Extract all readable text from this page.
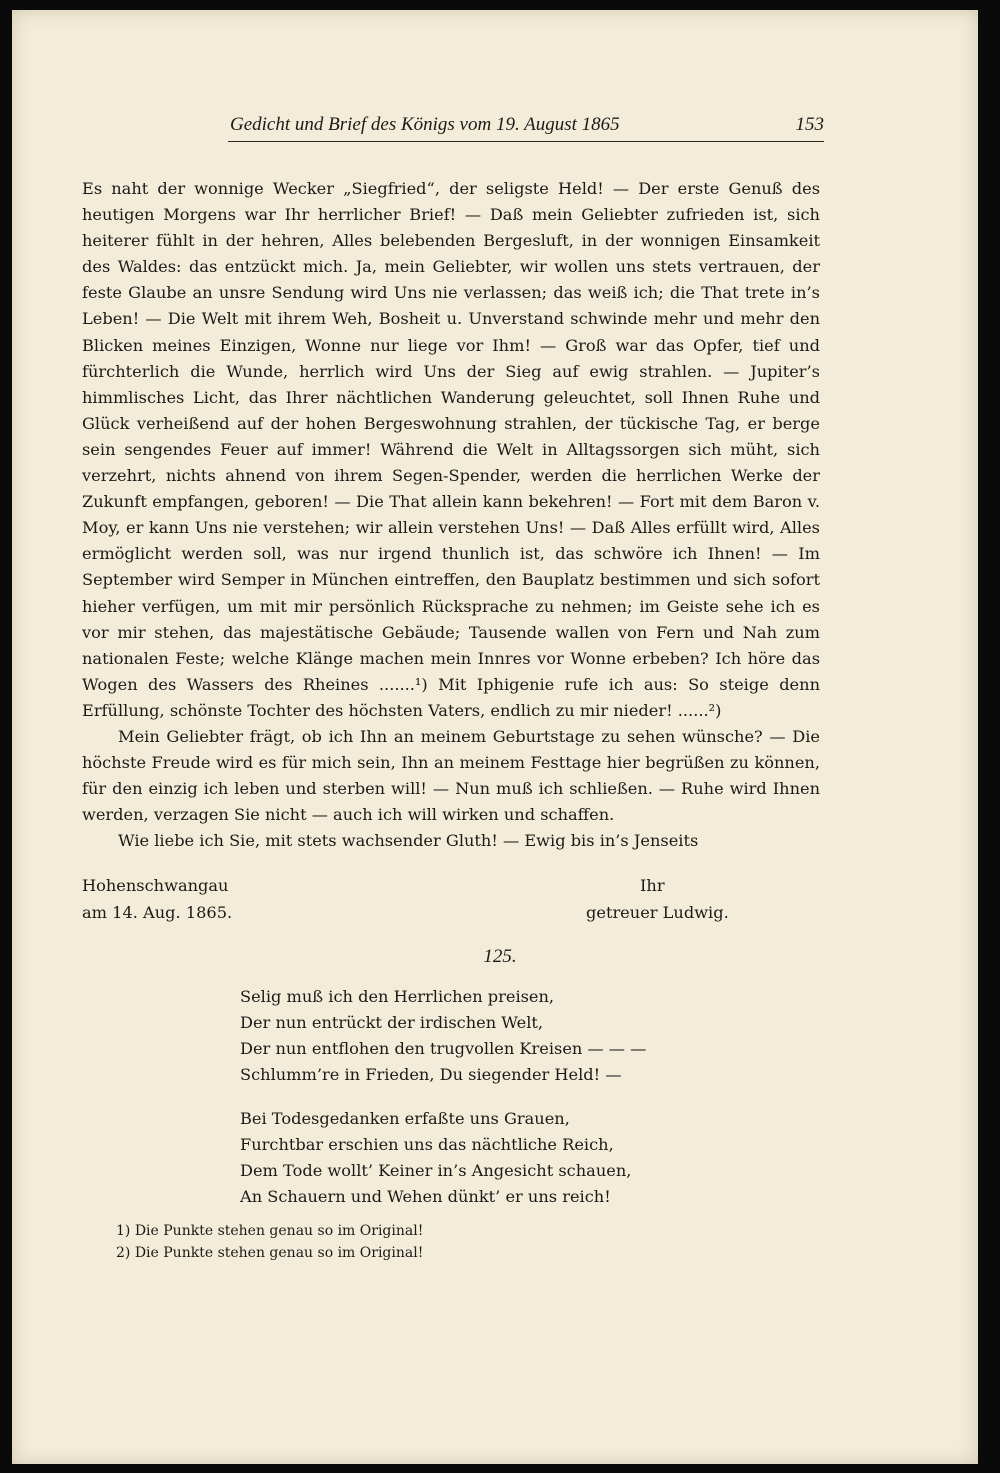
Gedicht und Brief des Königs vom 19. August 1865	153

Es naht der wonnige Wecker „Siegfried“, der seligste Held! — Der erste Genuß des heutigen Morgens war Ihr herrlicher Brief! — Daß mein Geliebter zufrieden ist, sich heiterer fühlt in der hehren, Alles belebenden Bergesluft, in der wonnigen Einsamkeit des Waldes: das entzückt mich. Ja, mein Geliebter, wir wollen uns stets vertrauen, der feste Glaube an unsre Sendung wird Uns nie verlassen; das weiß ich; die That trete in’s Leben! — Die Welt mit ihrem Weh, Bosheit u. Unverstand schwinde mehr und mehr den Blicken meines Einzigen, Wonne nur liege vor Ihm! — Groß war das Opfer, tief und fürchterlich die Wunde, herrlich wird Uns der Sieg auf ewig strahlen. — Jupiter’s himmlisches Licht, das Ihrer nächtlichen Wanderung geleuchtet, soll Ihnen Ruhe und Glück verheißend auf der hohen Bergeswohnung strahlen, der tückische Tag, er berge sein sengendes Feuer auf immer! Während die Welt in Alltagssorgen sich müht, sich verzehrt, nichts ahnend von ihrem Segen-Spender, werden die herrlichen Werke der Zukunft empfangen, geboren! — Die That allein kann bekehren! — Fort mit dem Baron v. Moy, er kann Uns nie verstehen; wir allein verstehen Uns! — Daß Alles erfüllt wird, Alles ermöglicht werden soll, was nur irgend thunlich ist, das schwöre ich Ihnen! — Im September wird Semper in München eintreffen, den Bauplatz bestimmen und sich sofort hieher verfügen, um mit mir persönlich Rücksprache zu nehmen; im Geiste sehe ich es vor mir stehen, das majestätische Gebäude; Tausende wallen von Fern und Nah zum nationalen Feste; welche Klänge machen mein Innres vor Wonne erbeben? Ich höre das Wogen des Wassers des Rheines .......¹) Mit Iphigenie rufe ich aus: So steige denn Erfüllung, schönste Tochter des höchsten Vaters, endlich zu mir nieder! ......²)

Mein Geliebter frägt, ob ich Ihn an meinem Geburtstage zu sehen wünsche? — Die höchste Freude wird es für mich sein, Ihn an meinem Festtage hier begrüßen zu können, für den einzig ich leben und sterben will! — Nun muß ich schließen. — Ruhe wird Ihnen werden, verzagen Sie nicht — auch ich will wirken und schaffen.

Wie liebe ich Sie, mit stets wachsender Gluth! — Ewig bis in’s Jenseits

Hohenschwangau
am 14. Aug. 1865.
Ihr
getreuer Ludwig.
125.
Selig muß ich den Herrlichen preisen,
Der nun entrückt der irdischen Welt,
Der nun entflohen den trugvollen Kreisen — — —
Schlumm’re in Frieden, Du siegender Held! —
Bei Todesgedanken erfaßte uns Grauen,
Furchtbar erschien uns das nächtliche Reich,
Dem Tode wollt’ Keiner in’s Angesicht schauen,
An Schauern und Wehen dünkt’ er uns reich!
1) Die Punkte stehen genau so im Original!
2) Die Punkte stehen genau so im Original!
